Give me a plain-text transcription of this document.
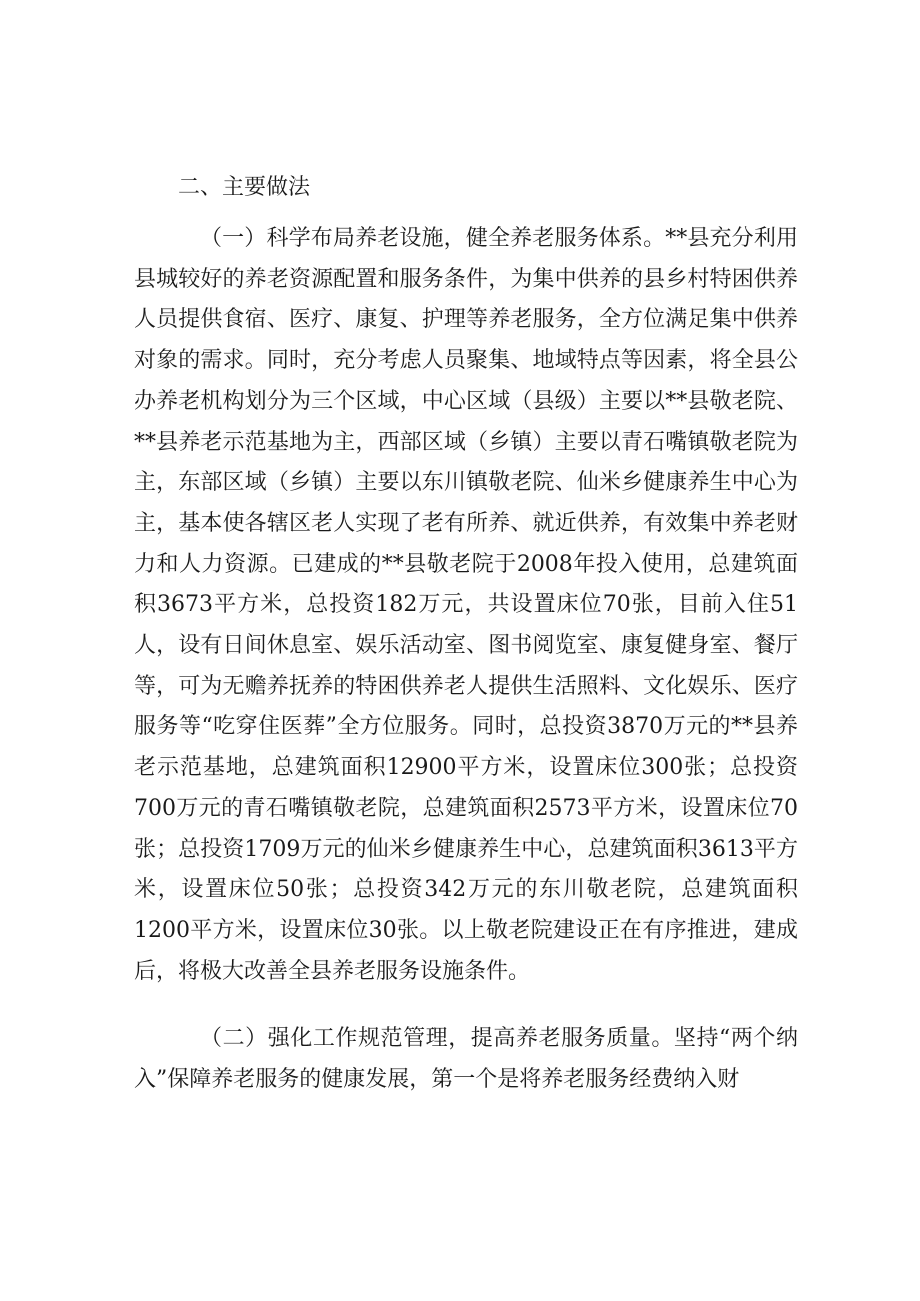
二、主要做法

（一）科学布局养老设施，健全养老服务体系。**县充分利用县城较好的养老资源配置和服务条件，为集中供养的县乡村特困供养人员提供食宿、医疗、康复、护理等养老服务，全方位满足集中供养对象的需求。同时，充分考虑人员聚集、地域特点等因素，将全县公办养老机构划分为三个区域，中心区域（县级）主要以**县敬老院、**县养老示范基地为主，西部区域（乡镇）主要以青石嘴镇敬老院为主，东部区域（乡镇）主要以东川镇敬老院、仙米乡健康养生中心为主，基本使各辖区老人实现了老有所养、就近供养，有效集中养老财力和人力资源。已建成的**县敬老院于2008年投入使用，总建筑面积3673平方米，总投资182万元，共设置床位70张，目前入住51人，设有日间休息室、娱乐活动室、图书阅览室、康复健身室、餐厅等，可为无赡养抚养的特困供养老人提供生活照料、文化娱乐、医疗服务等“吃穿住医葬”全方位服务。同时，总投资3870万元的**县养老示范基地，总建筑面积12900平方米，设置床位300张；总投资700万元的青石嘴镇敬老院，总建筑面积2573平方米，设置床位70张；总投资1709万元的仙米乡健康养生中心，总建筑面积3613平方米，设置床位50张；总投资342万元的东川敬老院，总建筑面积1200平方米，设置床位30张。以上敬老院建设正在有序推进，建成后，将极大改善全县养老服务设施条件。

（二）强化工作规范管理，提高养老服务质量。坚持“两个纳入”保障养老服务的健康发展，第一个是将养老服务经费纳入财
